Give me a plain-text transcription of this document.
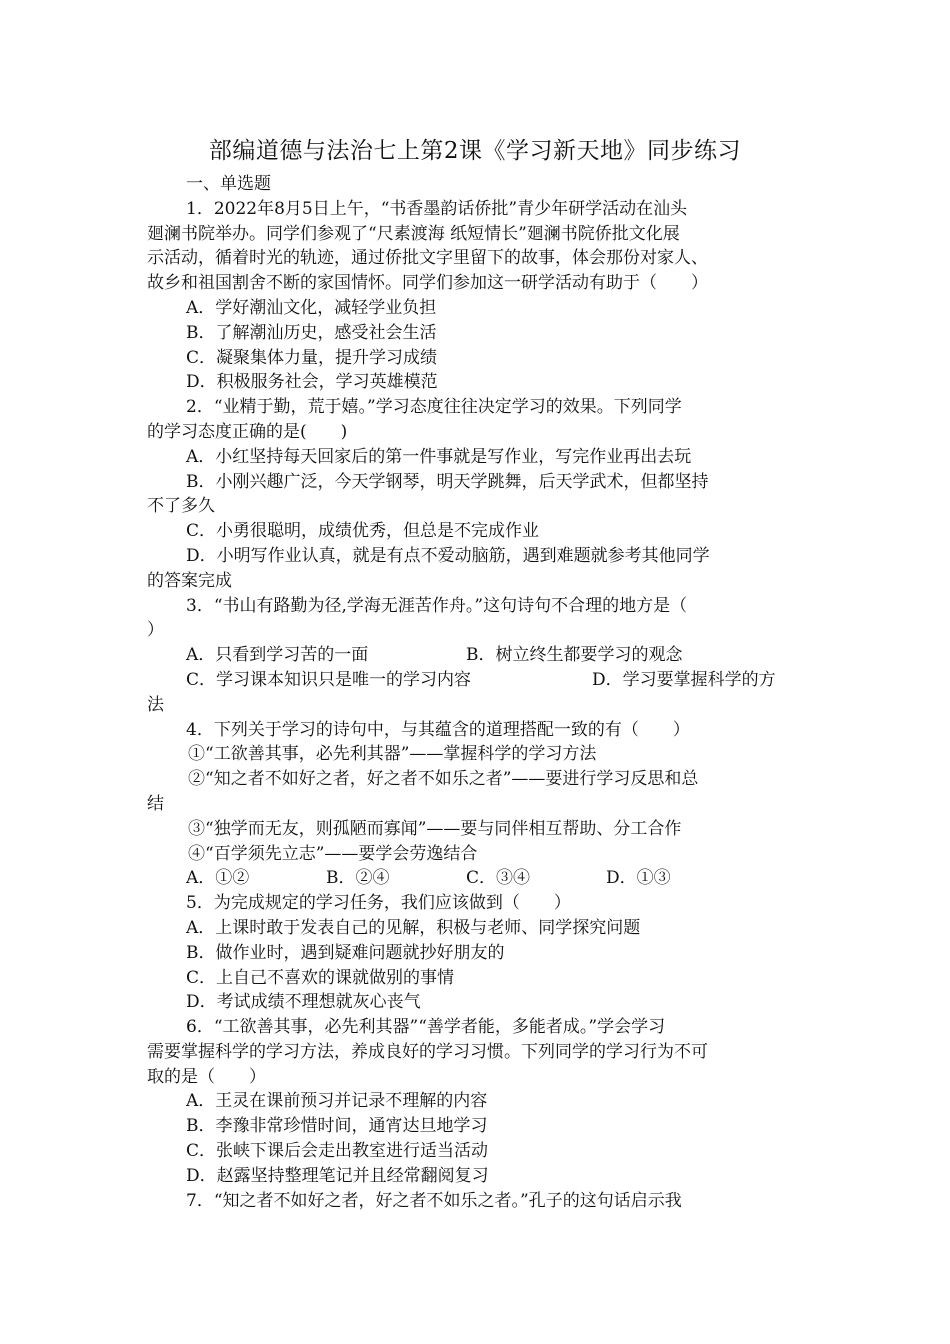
部编道德与法治七上第2课《学习新天地》同步练习
一、单选题
1．2022年8月5日上午，“书香墨韵话侨批”青少年研学活动在汕头
廻澜书院举办。同学们参观了“尺素渡海 纸短情长”廻澜书院侨批文化展
示活动，循着时光的轨迹，通过侨批文字里留下的故事，体会那份对家人、
故乡和祖国割舍不断的家国情怀。同学们参加这一研学活动有助于（　　）
A．学好潮汕文化，减轻学业负担
B．了解潮汕历史，感受社会生活
C．凝聚集体力量，提升学习成绩
D．积极服务社会，学习英雄模范
2．“业精于勤，荒于嬉。”学习态度往往决定学习的效果。下列同学
的学习态度正确的是(　　)
A．小红坚持每天回家后的第一件事就是写作业，写完作业再出去玩
B．小刚兴趣广泛，今天学钢琴，明天学跳舞，后天学武术，但都坚持
不了多久
C．小勇很聪明，成绩优秀，但总是不完成作业
D．小明写作业认真，就是有点不爱动脑筋，遇到难题就参考其他同学
的答案完成
3．“书山有路勤为径,学海无涯苦作舟。”这句诗句不合理的地方是（
）
A．只看到学习苦的一面	B．树立终生都要学习的观念
C．学习课本知识只是唯一的学习内容	D．学习要掌握科学的方
法
4．下列关于学习的诗句中，与其蕴含的道理搭配一致的有（　　）
①“工欲善其事，必先利其器”——掌握科学的学习方法
②“知之者不如好之者，好之者不如乐之者”——要进行学习反思和总
结
③“独学而无友，则孤陋而寡闻”——要与同伴相互帮助、分工合作
④“百学须先立志”——要学会劳逸结合
A．①②	B．②④	C．③④	D．①③
5．为完成规定的学习任务，我们应该做到（　　）
A．上课时敢于发表自己的见解，积极与老师、同学探究问题
B．做作业时，遇到疑难问题就抄好朋友的
C．上自己不喜欢的课就做别的事情
D．考试成绩不理想就灰心丧气
6．“工欲善其事，必先利其器”“善学者能，多能者成。”学会学习
需要掌握科学的学习方法，养成良好的学习习惯。下列同学的学习行为不可
取的是（　　）
A．王灵在课前预习并记录不理解的内容
B．李豫非常珍惜时间，通宵达旦地学习
C．张峡下课后会走出教室进行适当活动
D．赵露坚持整理笔记并且经常翻阅复习
7．“知之者不如好之者，好之者不如乐之者。”孔子的这句话启示我
